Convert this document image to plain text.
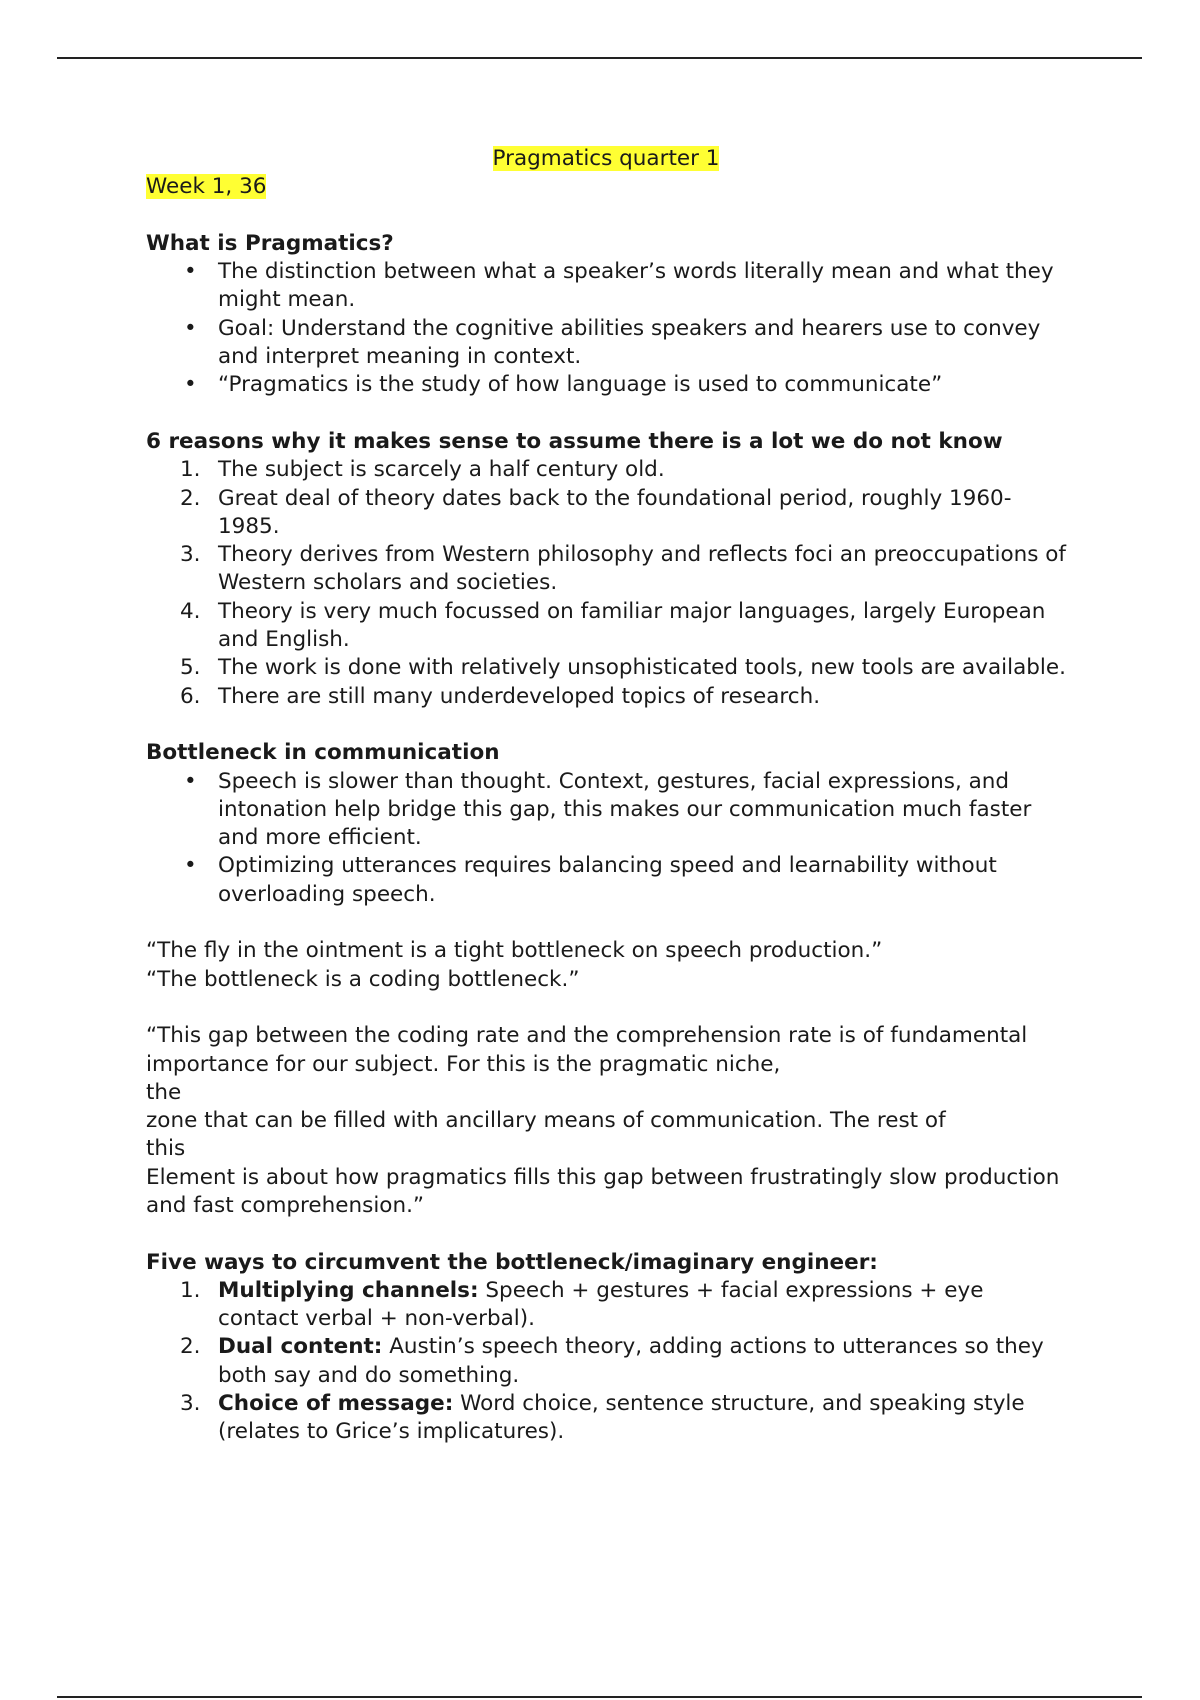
Pragmatics quarter 1
Week 1, 36
What is Pragmatics?
• The distinction between what a speaker’s words literally mean and what they might mean.
• Goal: Understand the cognitive abilities speakers and hearers use to convey and interpret meaning in context.
• “Pragmatics is the study of how language is used to communicate”
6 reasons why it makes sense to assume there is a lot we do not know
1. The subject is scarcely a half century old.
2. Great deal of theory dates back to the foundational period, roughly 1960-1985.
3. Theory derives from Western philosophy and reflects foci an preoccupations of Western scholars and societies.
4. Theory is very much focussed on familiar major languages, largely European and English.
5. The work is done with relatively unsophisticated tools, new tools are available.
6. There are still many underdeveloped topics of research.
Bottleneck in communication
• Speech is slower than thought. Context, gestures, facial expressions, and intonation help bridge this gap, this makes our communication much faster and more efficient.
• Optimizing utterances requires balancing speed and learnability without overloading speech.

“The fly in the ointment is a tight bottleneck on speech production.”

“The bottleneck is a coding bottleneck.”

“This gap between the coding rate and the comprehension rate is of fundamental importance for our subject. For this is the pragmatic niche,

the

zone that can be filled with ancillary means of communication. The rest of

this

Element is about how pragmatics fills this gap between frustratingly slow production and fast comprehension.”

Five ways to circumvent the bottleneck/imaginary engineer:
1. Multiplying channels: Speech + gestures + facial expressions + eye contact verbal + non-verbal).
2. Dual content: Austin’s speech theory, adding actions to utterances so they both say and do something.
3. Choice of message: Word choice, sentence structure, and speaking style (relates to Grice’s implicatures).
